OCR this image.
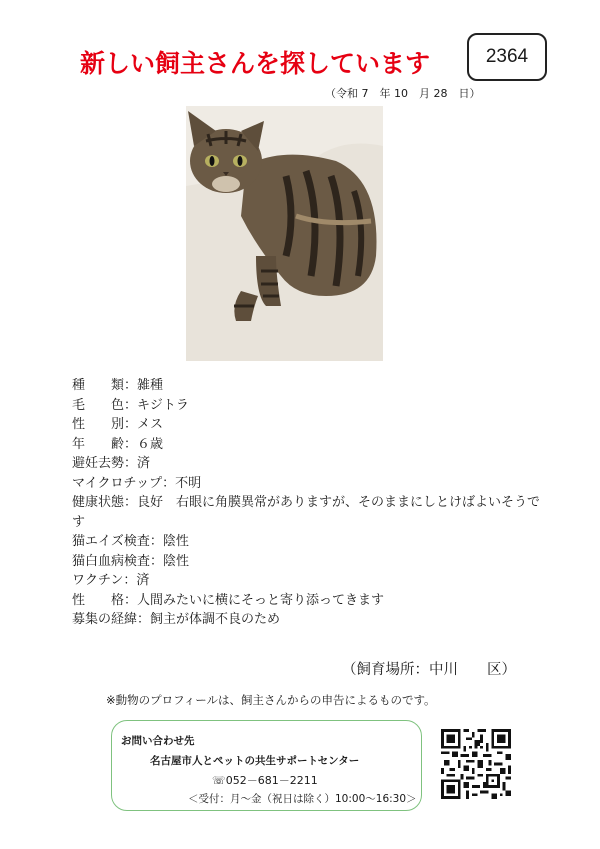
新しい飼主さんを探しています	2364
（令和 7　年 10　月 28　日）
種　　類：雑種
毛　　色：キジトラ
性　　別：メス
年　　齢：６歳
避妊去勢：済
マイクロチップ：不明
健康状態：良好　右眼に角膜異常がありますが、そのままにしとけばよいそうです
猫エイズ検査：陰性
猫白血病検査：陰性
ワクチン：済
性　　格：人間みたいに横にそっと寄り添ってきます
募集の経緯：飼主が体調不良のため
（飼育場所：中川　　区）
※動物のプロフィールは、飼主さんからの申告によるものです。
お問い合わせ先
名古屋市人とペットの共生サポートセンター
☏052－681－2211
＜受付：月～金（祝日は除く）10:00～16:30＞
